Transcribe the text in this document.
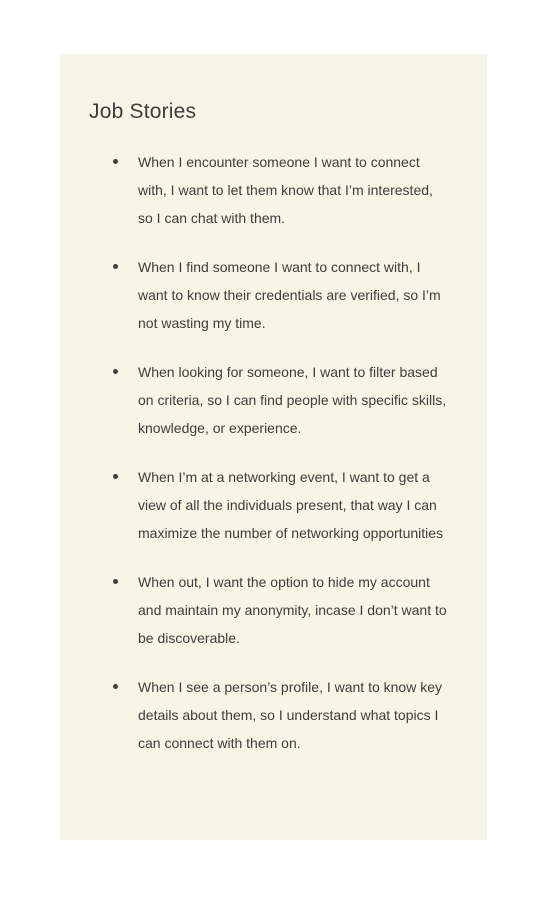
Job Stories
When I encounter someone I want to connect with, I want to let them know that I’m interested, so I can chat with them.
When I find someone I want to connect with, I want to know their credentials are verified, so I’m not wasting my time.
When looking for someone, I want to filter based on criteria, so I can find people with specific skills, knowledge, or experience.
When I’m at a networking event, I want to get a view of all the individuals present, that way I can maximize the number of networking opportunities
When out, I want the option to hide my account and maintain my anonymity, incase I don’t want to be discoverable.
When I see a person’s profile, I want to know key details about them, so I understand what topics I can connect with them on.
